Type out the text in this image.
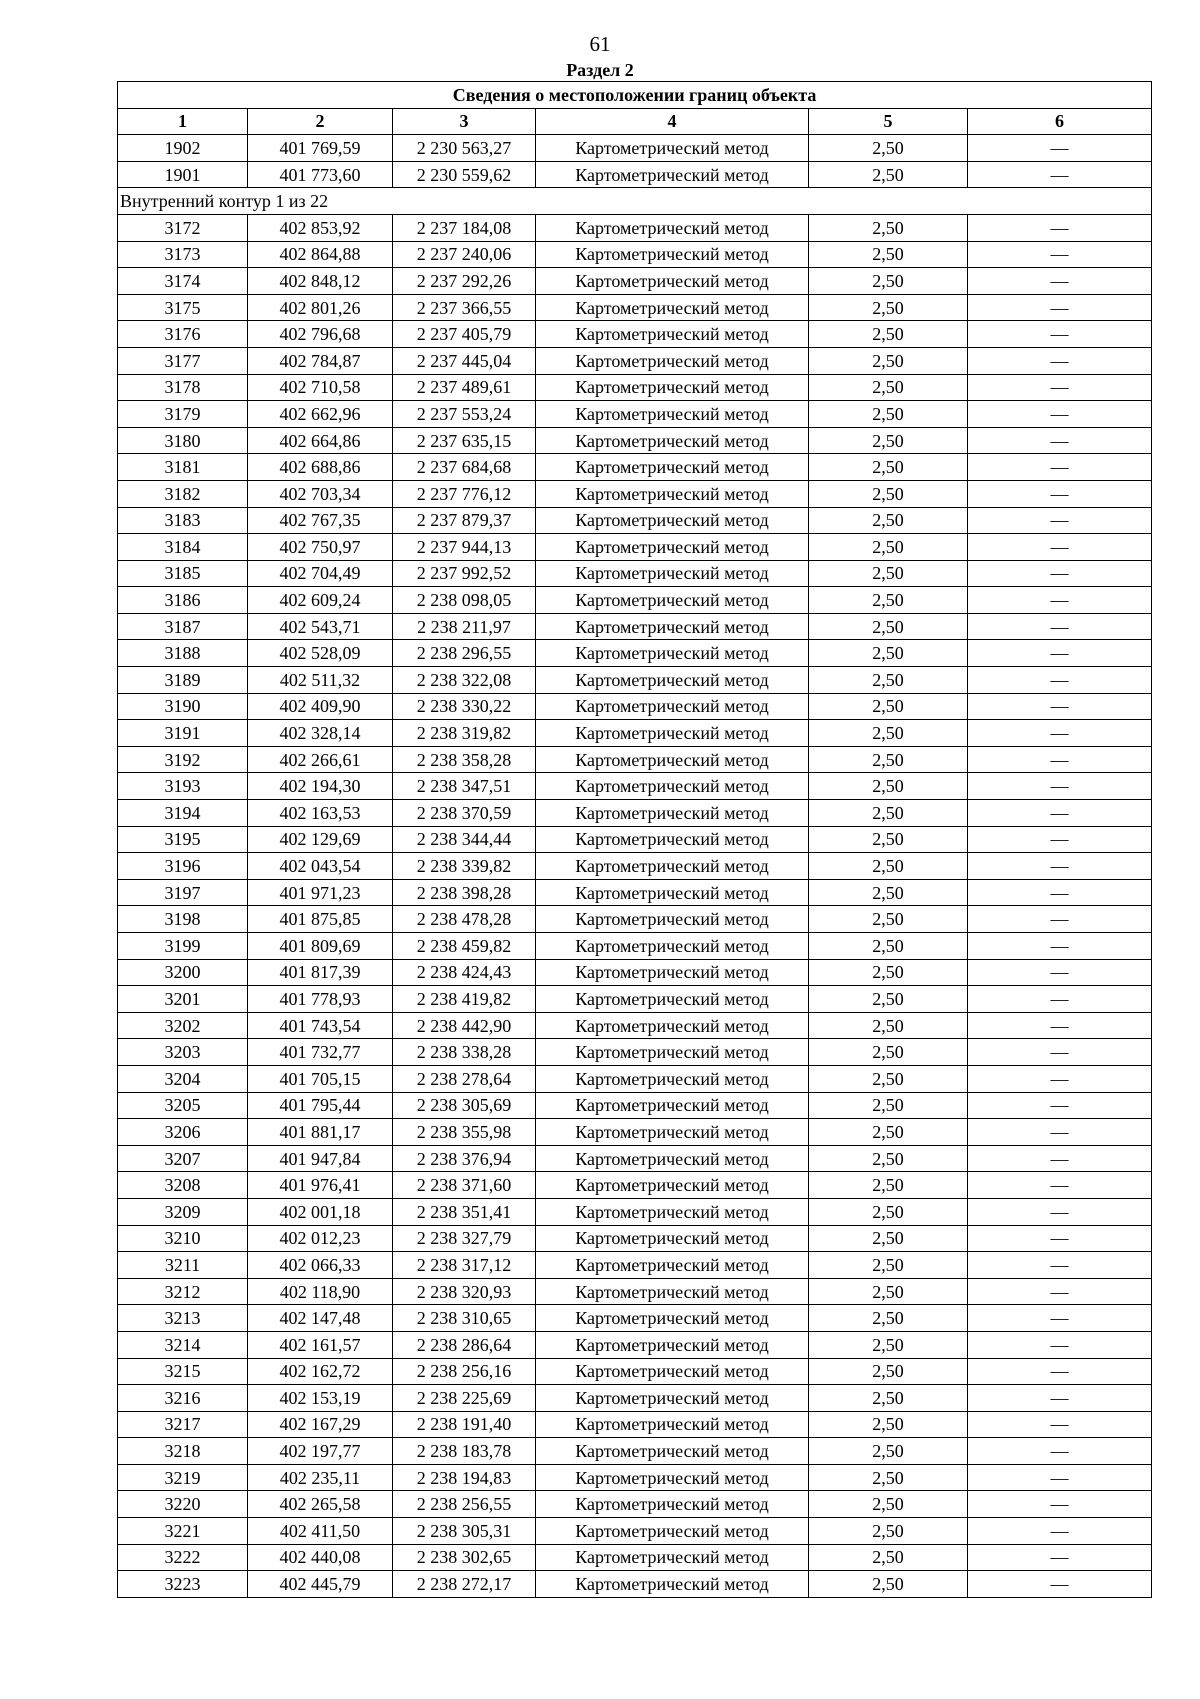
61
Раздел 2
Сведения о местоположении границ объекта					
1	2	3	4	5	6
1902	401 769,59	2 230 563,27	Картометрический метод	2,50	—
1901	401 773,60	2 230 559,62	Картометрический метод	2,50	—
Внутренний контур 1 из 22					
3172	402 853,92	2 237 184,08	Картометрический метод	2,50	—
3173	402 864,88	2 237 240,06	Картометрический метод	2,50	—
3174	402 848,12	2 237 292,26	Картометрический метод	2,50	—
3175	402 801,26	2 237 366,55	Картометрический метод	2,50	—
3176	402 796,68	2 237 405,79	Картометрический метод	2,50	—
3177	402 784,87	2 237 445,04	Картометрический метод	2,50	—
3178	402 710,58	2 237 489,61	Картометрический метод	2,50	—
3179	402 662,96	2 237 553,24	Картометрический метод	2,50	—
3180	402 664,86	2 237 635,15	Картометрический метод	2,50	—
3181	402 688,86	2 237 684,68	Картометрический метод	2,50	—
3182	402 703,34	2 237 776,12	Картометрический метод	2,50	—
3183	402 767,35	2 237 879,37	Картометрический метод	2,50	—
3184	402 750,97	2 237 944,13	Картометрический метод	2,50	—
3185	402 704,49	2 237 992,52	Картометрический метод	2,50	—
3186	402 609,24	2 238 098,05	Картометрический метод	2,50	—
3187	402 543,71	2 238 211,97	Картометрический метод	2,50	—
3188	402 528,09	2 238 296,55	Картометрический метод	2,50	—
3189	402 511,32	2 238 322,08	Картометрический метод	2,50	—
3190	402 409,90	2 238 330,22	Картометрический метод	2,50	—
3191	402 328,14	2 238 319,82	Картометрический метод	2,50	—
3192	402 266,61	2 238 358,28	Картометрический метод	2,50	—
3193	402 194,30	2 238 347,51	Картометрический метод	2,50	—
3194	402 163,53	2 238 370,59	Картометрический метод	2,50	—
3195	402 129,69	2 238 344,44	Картометрический метод	2,50	—
3196	402 043,54	2 238 339,82	Картометрический метод	2,50	—
3197	401 971,23	2 238 398,28	Картометрический метод	2,50	—
3198	401 875,85	2 238 478,28	Картометрический метод	2,50	—
3199	401 809,69	2 238 459,82	Картометрический метод	2,50	—
3200	401 817,39	2 238 424,43	Картометрический метод	2,50	—
3201	401 778,93	2 238 419,82	Картометрический метод	2,50	—
3202	401 743,54	2 238 442,90	Картометрический метод	2,50	—
3203	401 732,77	2 238 338,28	Картометрический метод	2,50	—
3204	401 705,15	2 238 278,64	Картометрический метод	2,50	—
3205	401 795,44	2 238 305,69	Картометрический метод	2,50	—
3206	401 881,17	2 238 355,98	Картометрический метод	2,50	—
3207	401 947,84	2 238 376,94	Картометрический метод	2,50	—
3208	401 976,41	2 238 371,60	Картометрический метод	2,50	—
3209	402 001,18	2 238 351,41	Картометрический метод	2,50	—
3210	402 012,23	2 238 327,79	Картометрический метод	2,50	—
3211	402 066,33	2 238 317,12	Картометрический метод	2,50	—
3212	402 118,90	2 238 320,93	Картометрический метод	2,50	—
3213	402 147,48	2 238 310,65	Картометрический метод	2,50	—
3214	402 161,57	2 238 286,64	Картометрический метод	2,50	—
3215	402 162,72	2 238 256,16	Картометрический метод	2,50	—
3216	402 153,19	2 238 225,69	Картометрический метод	2,50	—
3217	402 167,29	2 238 191,40	Картометрический метод	2,50	—
3218	402 197,77	2 238 183,78	Картометрический метод	2,50	—
3219	402 235,11	2 238 194,83	Картометрический метод	2,50	—
3220	402 265,58	2 238 256,55	Картометрический метод	2,50	—
3221	402 411,50	2 238 305,31	Картометрический метод	2,50	—
3222	402 440,08	2 238 302,65	Картометрический метод	2,50	—
3223	402 445,79	2 238 272,17	Картометрический метод	2,50	—
